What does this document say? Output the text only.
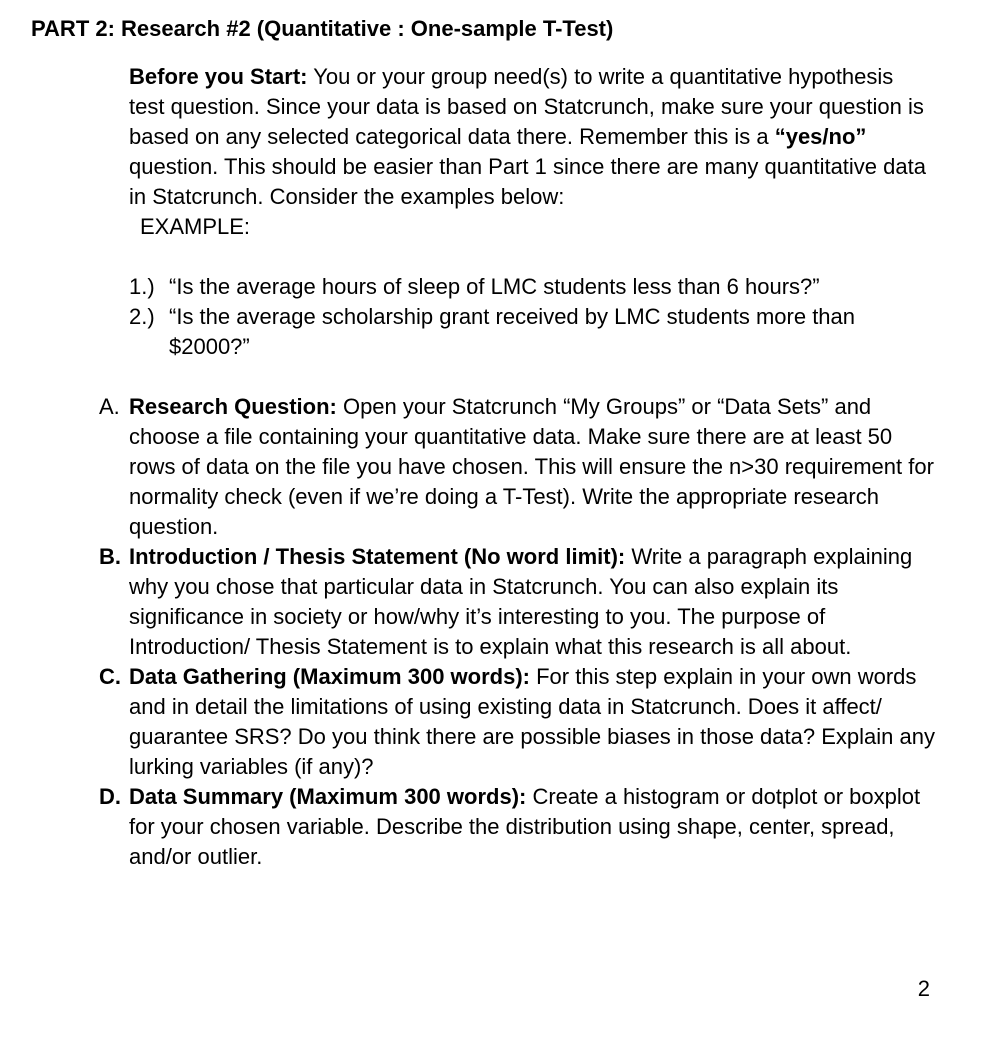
PART 2: Research #2 (Quantitative : One-sample T-Test)
Before you Start: You or your group need(s) to write a quantitative hypothesis test question. Since your data is based on Statcrunch, make sure your question is based on any selected categorical data there. Remember this is a “yes/no” question. This should be easier than Part 1 since there are many quantitative data in Statcrunch. Consider the examples below:
EXAMPLE:
1.) “Is the average hours of sleep of LMC students less than 6 hours?”
2.) “Is the average scholarship grant received by LMC students more than $2000?”
A. Research Question: Open your Statcrunch “My Groups” or “Data Sets” and choose a file containing your quantitative data. Make sure there are at least 50 rows of data on the file you have chosen. This will ensure the n>30 requirement for normality check (even if we’re doing a T-Test). Write the appropriate research question.
B. Introduction / Thesis Statement (No word limit): Write a paragraph explaining why you chose that particular data in Statcrunch. You can also explain its significance in society or how/why it’s interesting to you. The purpose of Introduction/ Thesis Statement is to explain what this research is all about.
C. Data Gathering (Maximum 300 words): For this step explain in your own words and in detail the limitations of using existing data in Statcrunch. Does it affect/ guarantee SRS? Do you think there are possible biases in those data? Explain any lurking variables (if any)?
D. Data Summary (Maximum 300 words): Create a histogram or dotplot or boxplot for your chosen variable. Describe the distribution using shape, center, spread, and/or outlier.
2
